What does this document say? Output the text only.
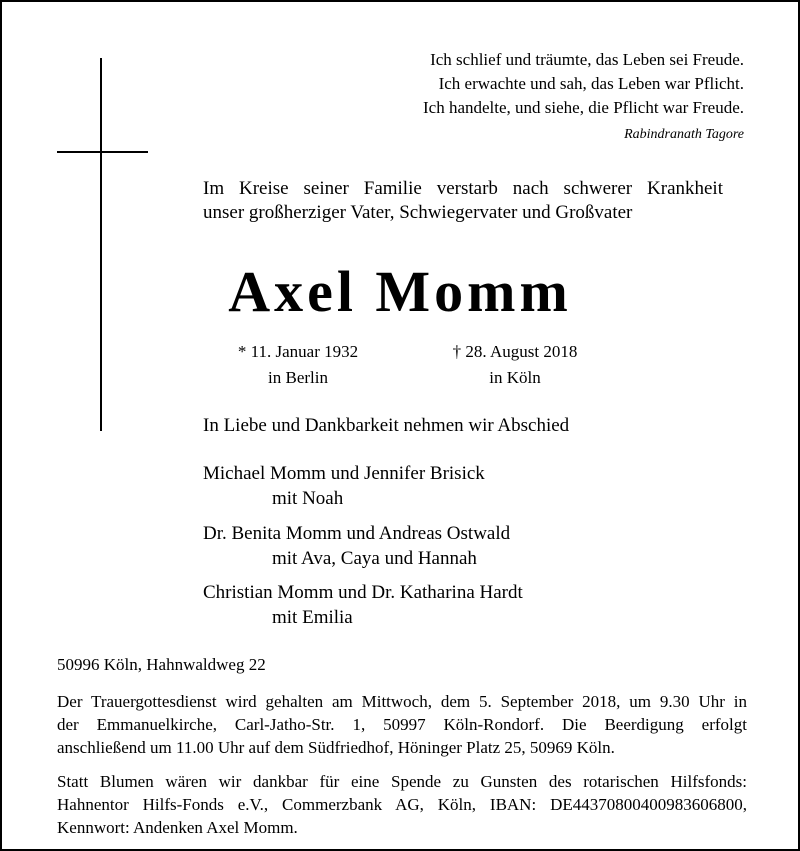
Ich schlief und träumte, das Leben sei Freude.
Ich erwachte und sah, das Leben war Pflicht.
Ich handelte, und siehe, die Pflicht war Freude.
Rabindranath Tagore
Im Kreise seiner Familie verstarb nach schwerer Krankheit
unser großherziger Vater, Schwiegervater und Großvater
Axel Momm
* 11. Januar 1932
in Berlin
† 28. August 2018
in Köln
In Liebe und Dankbarkeit nehmen wir Abschied
Michael Momm und Jennifer Brisick
mit Noah
Dr. Benita Momm und Andreas Ostwald
mit Ava, Caya und Hannah
Christian Momm und Dr. Katharina Hardt
mit Emilia
50996 Köln, Hahnwaldweg 22
Der Trauergottesdienst wird gehalten am Mittwoch, dem 5. September 2018, um 9.30 Uhr in
der Emmanuelkirche, Carl-Jatho-Str. 1, 50997 Köln-Rondorf. Die Beerdigung erfolgt
anschließend um 11.00 Uhr auf dem Südfriedhof, Höninger Platz 25, 50969 Köln.
Statt Blumen wären wir dankbar für eine Spende zu Gunsten des rotarischen Hilfsfonds:
Hahnentor Hilfs-Fonds e.V., Commerzbank AG, Köln, IBAN: DE44370800400983606800,
Kennwort: Andenken Axel Momm.
